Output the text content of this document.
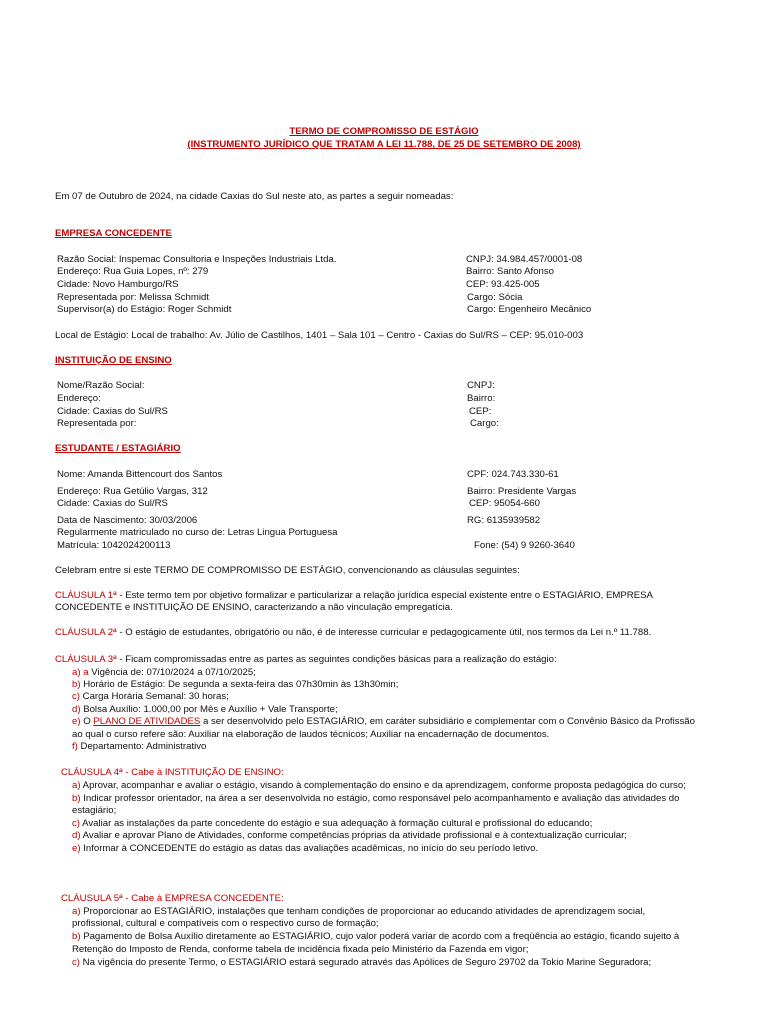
TERMO DE COMPROMISSO DE ESTÁGIO
(INSTRUMENTO JURÍDICO QUE TRATAM A LEI 11.788, DE 25 DE SETEMBRO DE 2008)
Em 07 de Outubro de 2024, na cidade Caxias do Sul neste ato, as partes a seguir nomeadas:
EMPRESA CONCEDENTE
Razão Social: Inspemac Consultoria e Inspeções Industriais Ltda.	CNPJ: 34.984.457/0001-08
Endereço: Rua Guia Lopes, nº: 279	Bairro: Santo Afonso
Cidade: Novo Hamburgo/RS	CEP: 93.425-005
Representada por: Melissa Schmidt	Cargo: Sócia
Supervisor(a) do Estágio: Roger Schmidt	Cargo: Engenheiro Mecânico
Local de Estágio: Local de trabalho: Av. Júlio de Castilhos, 1401 – Sala 101 – Centro - Caxias do Sul/RS – CEP: 95.010-003
INSTITUIÇÃO DE ENSINO
Nome/Razão Social:	CNPJ:
Endereço:	Bairro:
Cidade: Caxias do Sul/RS	CEP:
Representada por:	Cargo:
ESTUDANTE / ESTAGIÁRIO
Nome: Amanda Bittencourt dos Santos	CPF: 024.743.330-61
Endereço: Rua Getúlio Vargas, 312	Bairro: Presidente Vargas
Cidade: Caxias do Sul/RS	CEP: 95054-660
Data de Nascimento: 30/03/2006	RG: 6135939582
Regularmente matriculado no curso de: Letras Lingua Portuguesa
Matrícula: 1042024200113	Fone: (54) 9 9260-3640
Celebram entre si este TERMO DE COMPROMISSO DE ESTÁGIO, convencionando as cláusulas seguintes:
CLÁUSULA 1ª - Este termo tem por objetivo formalizar e particularizar a relação jurídica especial existente entre o ESTAGIÁRIO, EMPRESA CONCEDENTE e INSTITUIÇÃO DE ENSINO, caracterizando a não vinculação empregatícia.
CLÁUSULA 2ª - O estágio de estudantes, obrigatório ou não, é de interesse curricular e pedagogicamente útil, nos termos da Lei n.º 11.788.
CLÁUSULA 3ª - Ficam compromissadas entre as partes as seguintes condições básicas para a realização do estágio:
a) a Vigência de: 07/10/2024 a 07/10/2025;
b) Horário de Estágio: De segunda a sexta-feira das 07h30min às 13h30min;
c) Carga Horária Semanal: 30 horas;
d) Bolsa Auxílio: 1.000,00 por Mês e Auxílio + Vale Transporte;
e) O PLANO DE ATIVIDADES a ser desenvolvido pelo ESTAGIÁRIO, em caráter subsidiário e complementar com o Convênio Básico da Profissão
ao qual o curso refere são: Auxiliar na elaboração de laudos técnicos; Auxiliar na encadernação de documentos.
f) Departamento: Administrativo
CLÁUSULA 4ª - Cabe à INSTITUIÇÃO DE ENSINO:
a) Aprovar, acompanhar e avaliar o estágio, visando à complementação do ensino e da aprendizagem, conforme proposta pedagógica do curso;
b) Indicar professor orientador, na área a ser desenvolvida no estágio, como responsável pelo acompanhamento e avaliação das atividades do
estagiário;
c) Avaliar as instalações da parte concedente do estágio e sua adequação à formação cultural e profissional do educando;
d) Avaliar e aprovar Plano de Atividades, conforme competências próprias da atividade profissional e à contextualização curricular;
e) Informar à CONCEDENTE do estágio as datas das avaliações acadêmicas, no início do seu período letivo.
CLÁUSULA 5ª - Cabe à EMPRESA CONCEDENTE:
a) Proporcionar ao ESTAGIÁRIO, instalações que tenham condições de proporcionar ao educando atividades de aprendizagem social,
profissional, cultural e compatíveis com o respectivo curso de formação;
b) Pagamento de Bolsa Auxílio diretamente ao ESTAGIÁRIO, cujo valor poderá variar de acordo com a freqüência ao estágio, ficando sujeito à
Retenção do Imposto de Renda, conforme tabela de incidência fixada pelo Ministério da Fazenda em vigor;
c) Na vigência do presente Termo, o ESTAGIÁRIO estará segurado através das Apólices de Seguro 29702 da Tokio Marine Seguradora;
